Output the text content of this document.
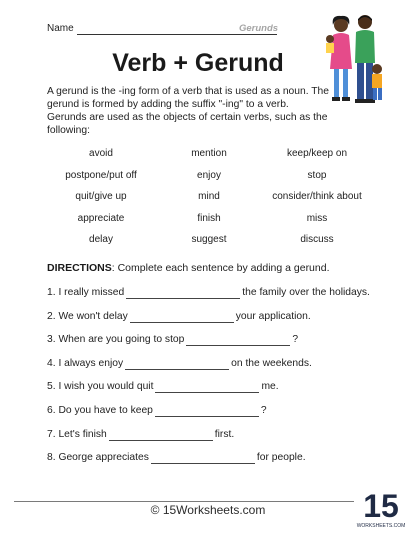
Name	Gerunds
Verb + Gerund

A gerund is the -ing form of a verb that is used as a noun. The gerund is formed by adding the suffix "-ing" to a verb. Gerunds are used as the objects of certain verbs, such as the following:

avoid	mention	keep/keep on
postpone/put off	enjoy	stop
quit/give up	mind	consider/think about
appreciate	finish	miss
delay	suggest	discuss
DIRECTIONS: Complete each sentence by adding a gerund.
1. I really missed	the family over the holidays.
2. We won't delay	your application.
3. When are you going to stop	?
4. I always enjoy	on the weekends.
5. I wish you would quit	me.
6. Do you have to keep	?
7. Let's finish	first.
8. George appreciates	for people.
© 15Worksheets.com	15
WORKSHEETS.COM
